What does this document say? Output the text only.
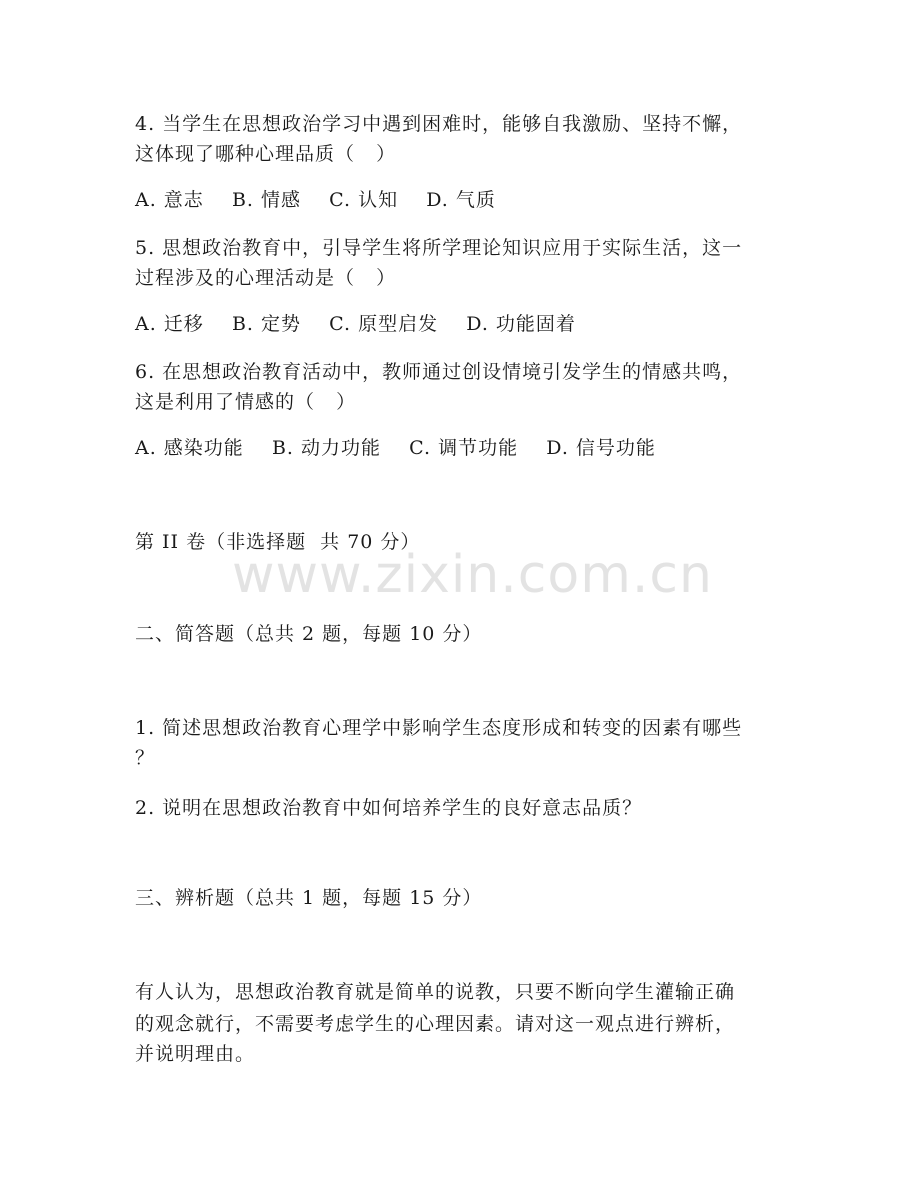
www.zixin.com.cn
4. 当学生在思想政治学习中遇到困难时，能够自我激励、坚持不懈，
这体现了哪种心理品质（   ）
A. 意志    B. 情感    C. 认知    D. 气质
5. 思想政治教育中，引导学生将所学理论知识应用于实际生活，这一
过程涉及的心理活动是（   ）
A. 迁移    B. 定势    C. 原型启发    D. 功能固着
6. 在思想政治教育活动中，教师通过创设情境引发学生的情感共鸣，
这是利用了情感的（   ）
A. 感染功能    B. 动力功能    C. 调节功能    D. 信号功能
第 II 卷（非选择题  共 70 分）
二、简答题（总共 2 题，每题 10 分）
1. 简述思想政治教育心理学中影响学生态度形成和转变的因素有哪些
？
2. 说明在思想政治教育中如何培养学生的良好意志品质？
三、辨析题（总共 1 题，每题 15 分）
有人认为，思想政治教育就是简单的说教，只要不断向学生灌输正确
的观念就行，不需要考虑学生的心理因素。请对这一观点进行辨析，
并说明理由。
